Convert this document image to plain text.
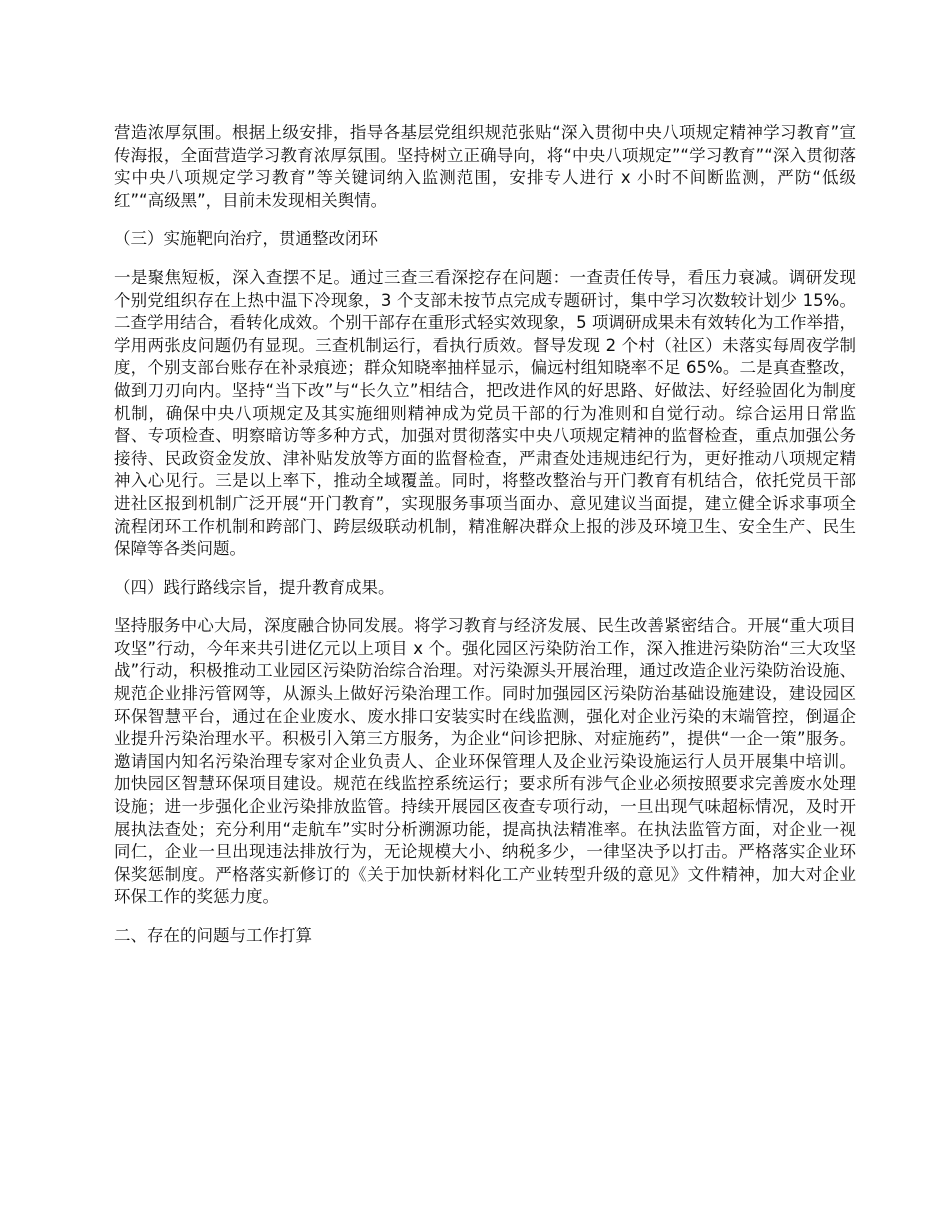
营造浓厚氛围。根据上级安排，指导各基层党组织规范张贴“深入贯彻中央八项规定精神学习教育”宣传海报，全面营造学习教育浓厚氛围。坚持树立正确导向，将“中央八项规定”“学习教育”“深入贯彻落实中央八项规定学习教育”等关键词纳入监测范围，安排专人进行 x 小时不间断监测，严防“低级红”“高级黑”，目前未发现相关舆情。

（三）实施靶向治疗，贯通整改闭环

一是聚焦短板，深入查摆不足。通过三查三看深挖存在问题：一查责任传导，看压力衰减。调研发现个别党组织存在上热中温下冷现象，3 个支部未按节点完成专题研讨，集中学习次数较计划少 15%。二查学用结合，看转化成效。个别干部存在重形式轻实效现象，5 项调研成果未有效转化为工作举措，学用两张皮问题仍有显现。三查机制运行，看执行质效。督导发现 2 个村（社区）未落实每周夜学制度，个别支部台账存在补录痕迹；群众知晓率抽样显示，偏远村组知晓率不足 65%。二是真查整改，做到刀刃向内。坚持“当下改”与“长久立”相结合，把改进作风的好思路、好做法、好经验固化为制度机制，确保中央八项规定及其实施细则精神成为党员干部的行为准则和自觉行动。综合运用日常监督、专项检查、明察暗访等多种方式，加强对贯彻落实中央八项规定精神的监督检查，重点加强公务接待、民政资金发放、津补贴发放等方面的监督检查，严肃查处违规违纪行为，更好推动八项规定精神入心见行。三是以上率下，推动全域覆盖。同时，将整改整治与开门教育有机结合，依托党员干部进社区报到机制广泛开展“开门教育”，实现服务事项当面办、意见建议当面提，建立健全诉求事项全流程闭环工作机制和跨部门、跨层级联动机制，精准解决群众上报的涉及环境卫生、安全生产、民生保障等各类问题。

（四）践行路线宗旨，提升教育成果。

坚持服务中心大局，深度融合协同发展。将学习教育与经济发展、民生改善紧密结合。开展“重大项目攻坚”行动，今年来共引进亿元以上项目 x 个。强化园区污染防治工作，深入推进污染防治“三大攻坚战”行动，积极推动工业园区污染防治综合治理。对污染源头开展治理，通过改造企业污染防治设施、规范企业排污管网等，从源头上做好污染治理工作。同时加强园区污染防治基础设施建设，建设园区环保智慧平台，通过在企业废水、废水排口安装实时在线监测，强化对企业污染的末端管控，倒逼企业提升污染治理水平。积极引入第三方服务，为企业“问诊把脉、对症施药”，提供“一企一策”服务。邀请国内知名污染治理专家对企业负责人、企业环保管理人及企业污染设施运行人员开展集中培训。加快园区智慧环保项目建设。规范在线监控系统运行；要求所有涉气企业必须按照要求完善废水处理设施；进一步强化企业污染排放监管。持续开展园区夜查专项行动，一旦出现气味超标情况，及时开展执法查处；充分利用“走航车”实时分析溯源功能，提高执法精准率。在执法监管方面，对企业一视同仁，企业一旦出现违法排放行为，无论规模大小、纳税多少，一律坚决予以打击。严格落实企业环保奖惩制度。严格落实新修订的《关于加快新材料化工产业转型升级的意见》文件精神，加大对企业环保工作的奖惩力度。

二、存在的问题与工作打算
